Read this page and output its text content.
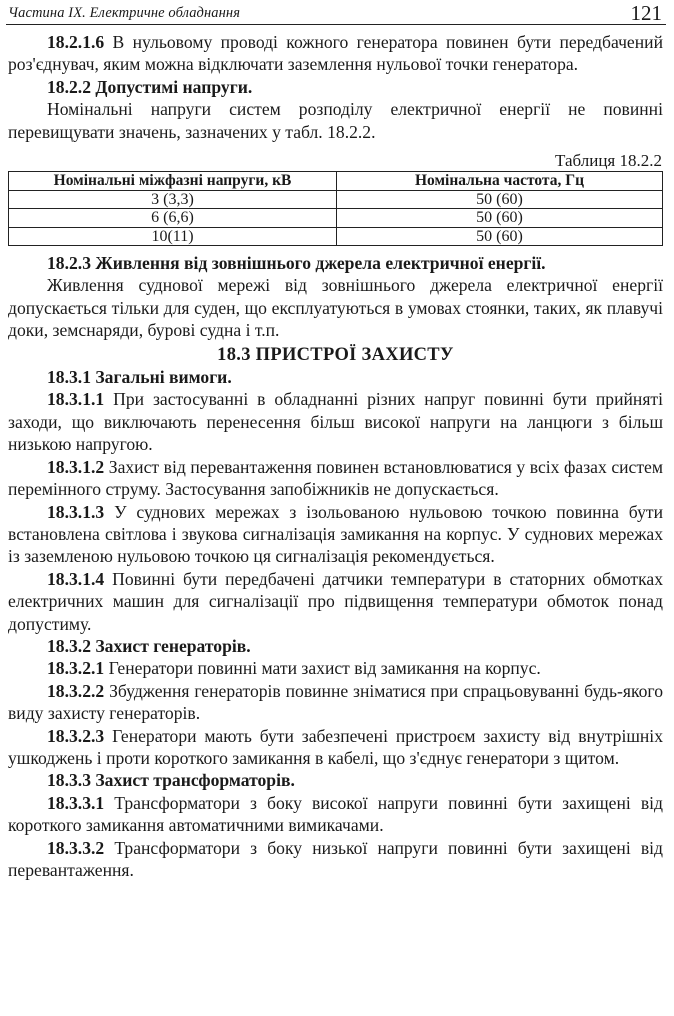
Частина IX. Електричне обладнання	121

18.2.1.6 В нульовому проводі кожного генератора повинен бути передбачений роз'єднувач, яким можна відключати заземлення нульової точки генератора.

18.2.2 Допустимі напруги.

Номінальні напруги систем розподілу електричної енергії не повинні перевищувати значень, зазначених у табл. 18.2.2.

Таблиця 18.2.2

Номінальні міжфазні напруги, кВ	Номінальна частота, Гц
3 (3,3)	50 (60)
6 (6,6)	50 (60)
10(11)	50 (60)

18.2.3 Живлення від зовнішнього джерела електричної енергії.

Живлення суднової мережі від зовнішнього джерела електричної енергії допускається тільки для суден, що експлуатуються в умовах стоянки, таких, як плавучі доки, земснаряди, бурові судна і т.п.

18.3 ПРИСТРОЇ ЗАХИСТУ

18.3.1 Загальні вимоги.

18.3.1.1 При застосуванні в обладнанні різних напруг повинні бути прийняті заходи, що виключають перенесення більш високої напруги на ланцюги з більш низькою напругою.

18.3.1.2 Захист від перевантаження повинен встановлюватися у всіх фазах систем перемінного струму. Застосування запобіжників не допускається.

18.3.1.3 У суднових мережах з ізольованою нульовою точкою повинна бути встановлена світлова і звукова сигналізація замикання на корпус. У суднових мережах із заземленою нульовою точкою ця сигналізація рекомендується.

18.3.1.4 Повинні бути передбачені датчики температури в статорних обмотках електричних машин для сигналізації про підвищення температури обмоток понад допустиму.

18.3.2 Захист генераторів.

18.3.2.1 Генератори повинні мати захист від замикання на корпус.

18.3.2.2 Збудження генераторів повинне зніматися при спрацьовуванні будь-якого виду захисту генераторів.

18.3.2.3 Генератори мають бути забезпечені пристроєм захисту від внутрішніх ушкоджень і проти короткого замикання в кабелі, що з'єднує генератори з щитом.

18.3.3 Захист трансформаторів.

18.3.3.1 Трансформатори з боку високої напруги повинні бути захищені від короткого замикання автоматичними вимикачами.

18.3.3.2 Трансформатори з боку низької напруги повинні бути захищені від перевантаження.
